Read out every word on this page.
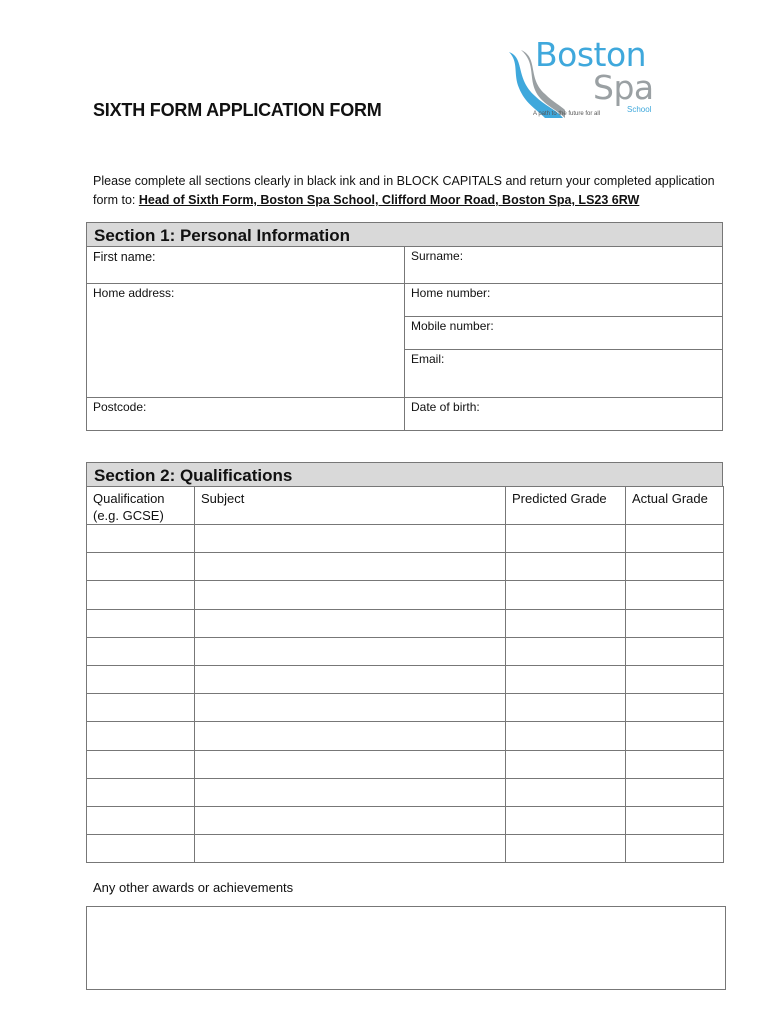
Boston
Spa
School
A path to the future for all
SIXTH FORM APPLICATION FORM
Please complete all sections clearly in black ink and in BLOCK CAPITALS and return your completed application form to: Head of Sixth Form, Boston Spa School, Clifford Moor Road, Boston Spa, LS23 6RW
Section 1: Personal Information
First name:	Surname:
Home address:	Home number:
Mobile number:
Email:
Postcode:	Date of birth:
Section 2: Qualifications
Qualification (e.g. GCSE)	Subject	Predicted Grade	Actual Grade

Any other awards or achievements
